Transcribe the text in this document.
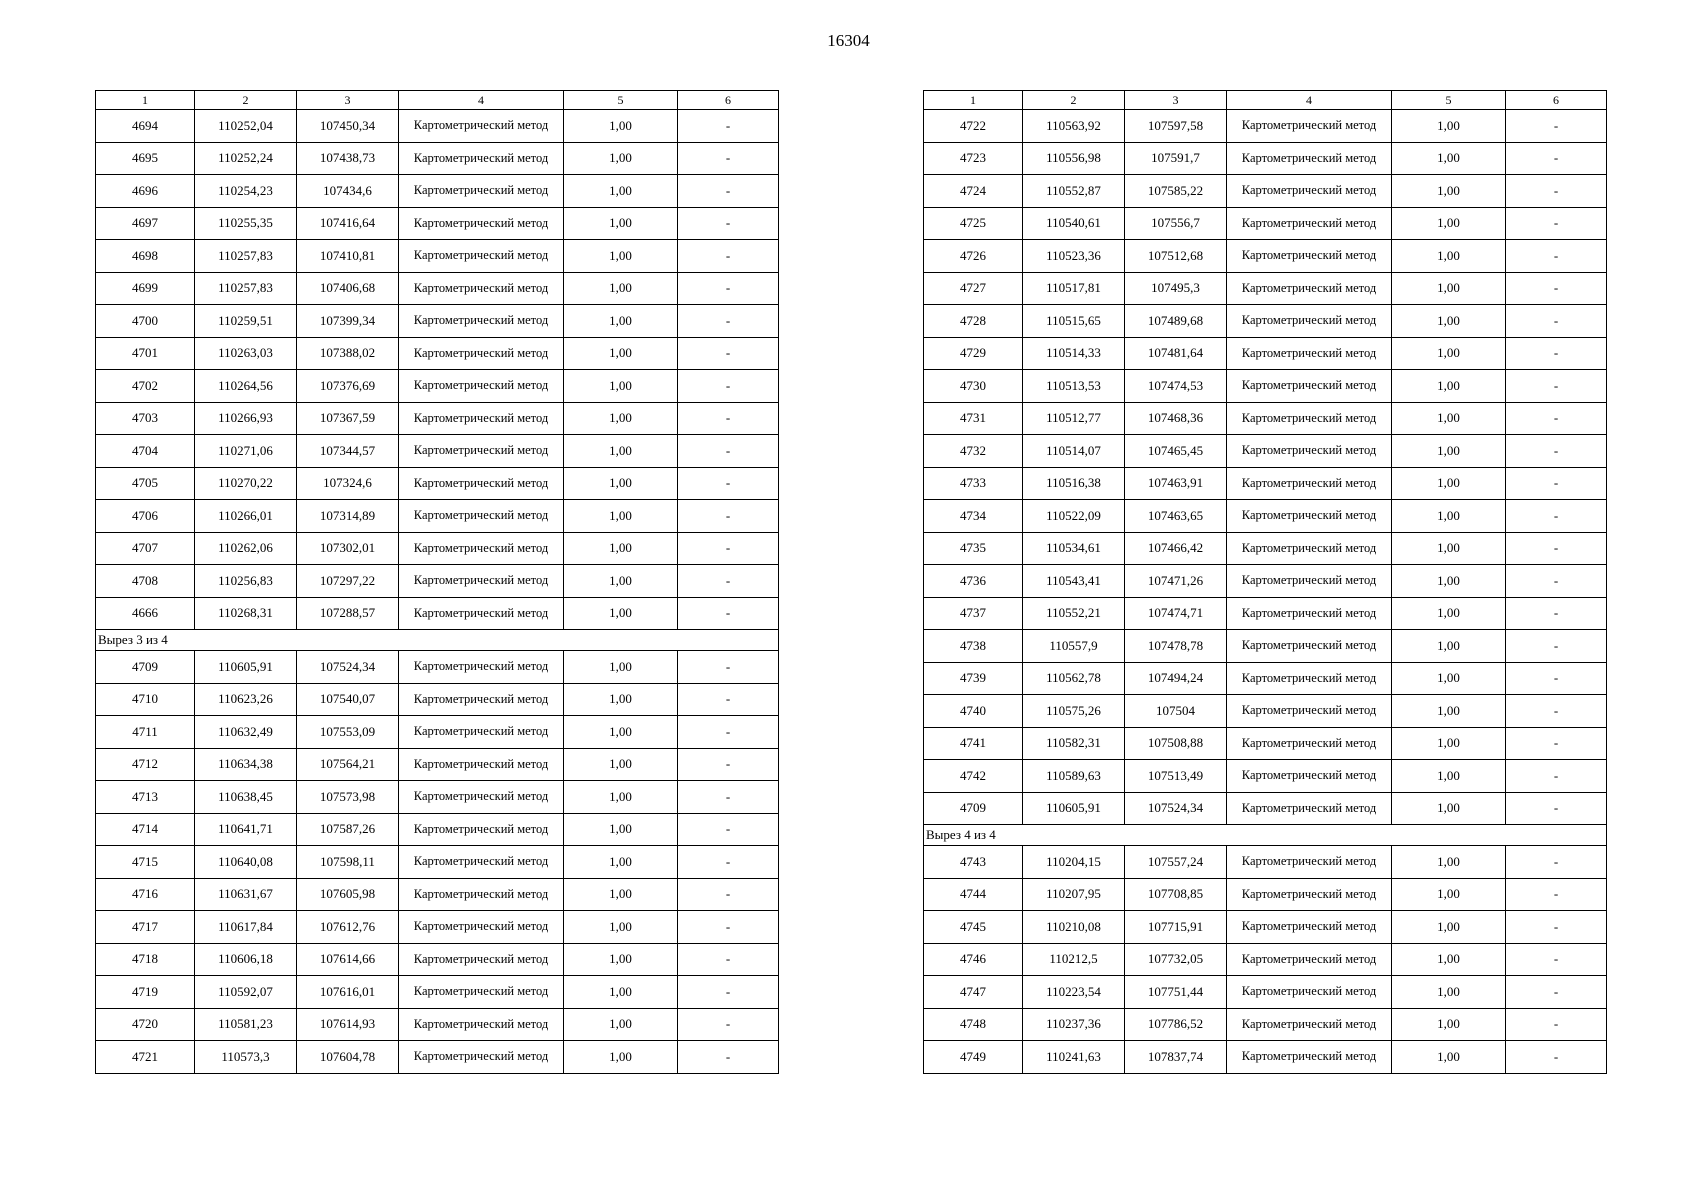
16304
1	2	3	4	5	6
4694	110252,04	107450,34	Картометрический метод	1,00	-
4695	110252,24	107438,73	Картометрический метод	1,00	-
4696	110254,23	107434,6	Картометрический метод	1,00	-
4697	110255,35	107416,64	Картометрический метод	1,00	-
4698	110257,83	107410,81	Картометрический метод	1,00	-
4699	110257,83	107406,68	Картометрический метод	1,00	-
4700	110259,51	107399,34	Картометрический метод	1,00	-
4701	110263,03	107388,02	Картометрический метод	1,00	-
4702	110264,56	107376,69	Картометрический метод	1,00	-
4703	110266,93	107367,59	Картометрический метод	1,00	-
4704	110271,06	107344,57	Картометрический метод	1,00	-
4705	110270,22	107324,6	Картометрический метод	1,00	-
4706	110266,01	107314,89	Картометрический метод	1,00	-
4707	110262,06	107302,01	Картометрический метод	1,00	-
4708	110256,83	107297,22	Картометрический метод	1,00	-
4666	110268,31	107288,57	Картометрический метод	1,00	-
Вырез 3 из 4					
4709	110605,91	107524,34	Картометрический метод	1,00	-
4710	110623,26	107540,07	Картометрический метод	1,00	-
4711	110632,49	107553,09	Картометрический метод	1,00	-
4712	110634,38	107564,21	Картометрический метод	1,00	-
4713	110638,45	107573,98	Картометрический метод	1,00	-
4714	110641,71	107587,26	Картометрический метод	1,00	-
4715	110640,08	107598,11	Картометрический метод	1,00	-
4716	110631,67	107605,98	Картометрический метод	1,00	-
4717	110617,84	107612,76	Картометрический метод	1,00	-
4718	110606,18	107614,66	Картометрический метод	1,00	-
4719	110592,07	107616,01	Картометрический метод	1,00	-
4720	110581,23	107614,93	Картометрический метод	1,00	-
4721	110573,3	107604,78	Картометрический метод	1,00	-
1	2	3	4	5	6
4722	110563,92	107597,58	Картометрический метод	1,00	-
4723	110556,98	107591,7	Картометрический метод	1,00	-
4724	110552,87	107585,22	Картометрический метод	1,00	-
4725	110540,61	107556,7	Картометрический метод	1,00	-
4726	110523,36	107512,68	Картометрический метод	1,00	-
4727	110517,81	107495,3	Картометрический метод	1,00	-
4728	110515,65	107489,68	Картометрический метод	1,00	-
4729	110514,33	107481,64	Картометрический метод	1,00	-
4730	110513,53	107474,53	Картометрический метод	1,00	-
4731	110512,77	107468,36	Картометрический метод	1,00	-
4732	110514,07	107465,45	Картометрический метод	1,00	-
4733	110516,38	107463,91	Картометрический метод	1,00	-
4734	110522,09	107463,65	Картометрический метод	1,00	-
4735	110534,61	107466,42	Картометрический метод	1,00	-
4736	110543,41	107471,26	Картометрический метод	1,00	-
4737	110552,21	107474,71	Картометрический метод	1,00	-
4738	110557,9	107478,78	Картометрический метод	1,00	-
4739	110562,78	107494,24	Картометрический метод	1,00	-
4740	110575,26	107504	Картометрический метод	1,00	-
4741	110582,31	107508,88	Картометрический метод	1,00	-
4742	110589,63	107513,49	Картометрический метод	1,00	-
4709	110605,91	107524,34	Картометрический метод	1,00	-
Вырез 4 из 4					
4743	110204,15	107557,24	Картометрический метод	1,00	-
4744	110207,95	107708,85	Картометрический метод	1,00	-
4745	110210,08	107715,91	Картометрический метод	1,00	-
4746	110212,5	107732,05	Картометрический метод	1,00	-
4747	110223,54	107751,44	Картометрический метод	1,00	-
4748	110237,36	107786,52	Картометрический метод	1,00	-
4749	110241,63	107837,74	Картометрический метод	1,00	-
